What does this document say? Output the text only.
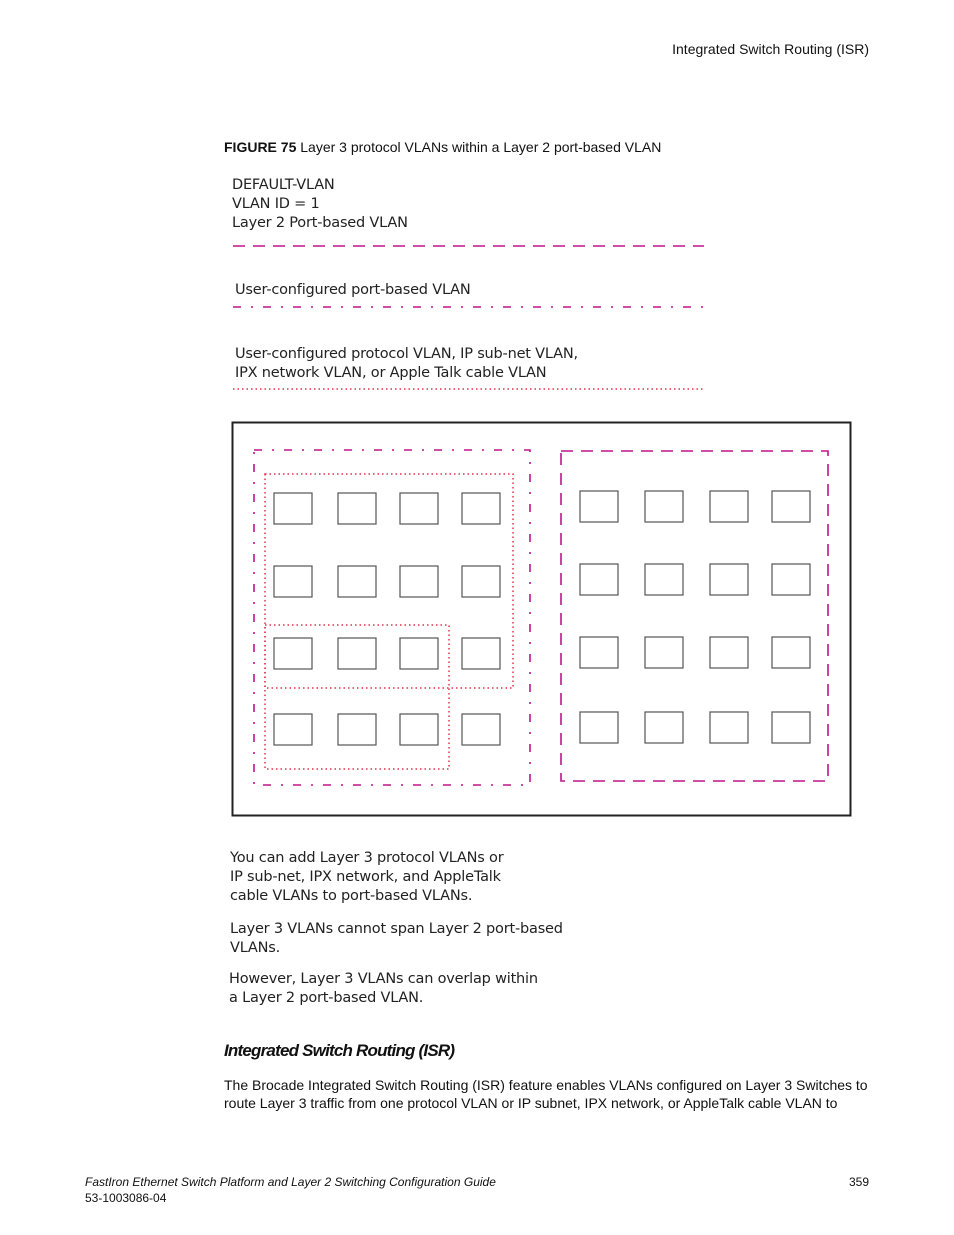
Integrated Switch Routing (ISR)
FIGURE 75 Layer 3 protocol VLANs within a Layer 2 port-based VLAN
DEFAULT-VLAN
VLAN ID = 1
Layer 2 Port-based VLAN
User-configured port-based VLAN
User-configured protocol VLAN, IP sub-net VLAN,
IPX network VLAN, or Apple Talk cable VLAN
You can add Layer 3 protocol VLANs or
IP sub-net, IPX network, and AppleTalk
cable VLANs to port-based VLANs.
Layer 3 VLANs cannot span Layer 2 port-based
VLANs.
However, Layer 3 VLANs can overlap within
a Layer 2 port-based VLAN.
Integrated Switch Routing (ISR)
The Brocade Integrated Switch Routing (ISR) feature enables VLANs configured on Layer 3 Switches to route Layer 3 traffic from one protocol VLAN or IP subnet, IPX network, or AppleTalk cable VLAN to
FastIron Ethernet Switch Platform and Layer 2 Switching Configuration Guide
53-1003086-04
359
